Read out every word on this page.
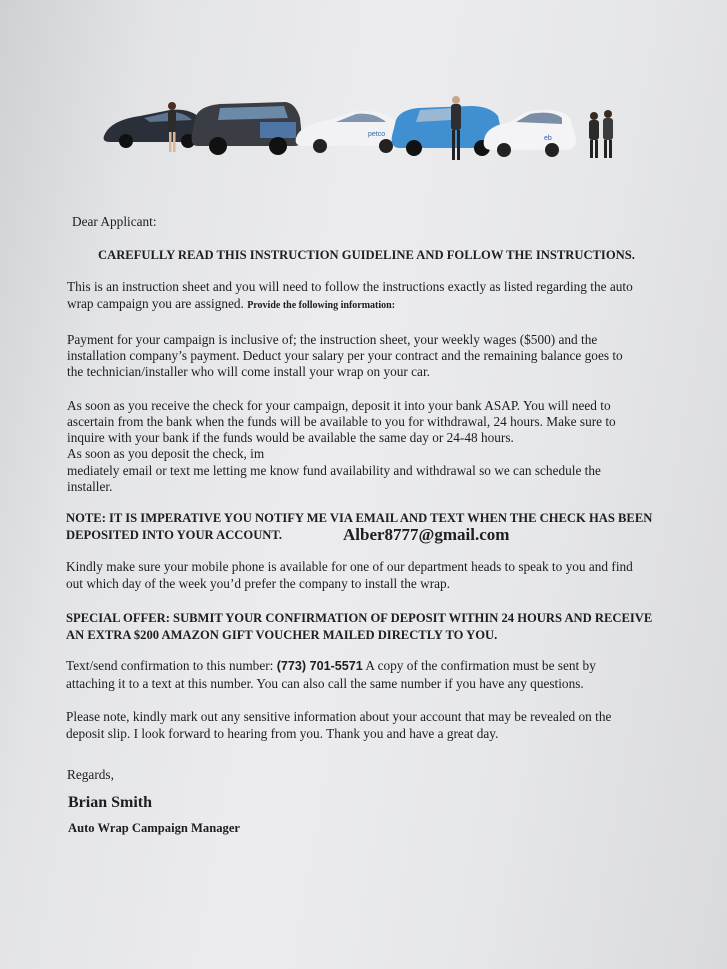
petco
eb

Dear Applicant:

CAREFULLY READ THIS INSTRUCTION GUIDELINE AND FOLLOW THE INSTRUCTIONS.

This is an instruction sheet and you will need to follow the instructions exactly as listed regarding the auto

wrap campaign you are assigned. Provide the following information:

Payment for your campaign is inclusive of; the instruction sheet, your weekly wages ($500) and the

installation company’s payment. Deduct your salary per your contract and the remaining balance goes to

the technician/installer who will come install your wrap on your car.

As soon as you receive the check for your campaign, deposit it into your bank ASAP. You will need to

ascertain from the bank when the funds will be available to you for withdrawal, 24 hours. Make sure to

inquire with your bank if the funds would be available the same day or 24-48 hours.

As soon as you deposit the check, im

mediately email or text me letting me know fund availability and withdrawal so we can schedule the

installer.

NOTE: IT IS IMPERATIVE YOU NOTIFY ME VIA EMAIL AND TEXT WHEN THE CHECK HAS BEEN

DEPOSITED INTO YOUR ACCOUNT.	Alber8777@gmail.com

Kindly make sure your mobile phone is available for one of our department heads to speak to you and find

out which day of the week you’d prefer the company to install the wrap.

SPECIAL OFFER: SUBMIT YOUR CONFIRMATION OF DEPOSIT WITHIN 24 HOURS AND RECEIVE

AN EXTRA $200 AMAZON GIFT VOUCHER MAILED DIRECTLY TO YOU.

Text/send confirmation to this number: (773) 701-5571 A copy of the confirmation must be sent by

attaching it to a text at this number. You can also call the same number if you have any questions.

Please note, kindly mark out any sensitive information about your account that may be revealed on the

deposit slip. I look forward to hearing from you. Thank you and have a great day.

Regards,

Brian Smith

Auto Wrap Campaign Manager
